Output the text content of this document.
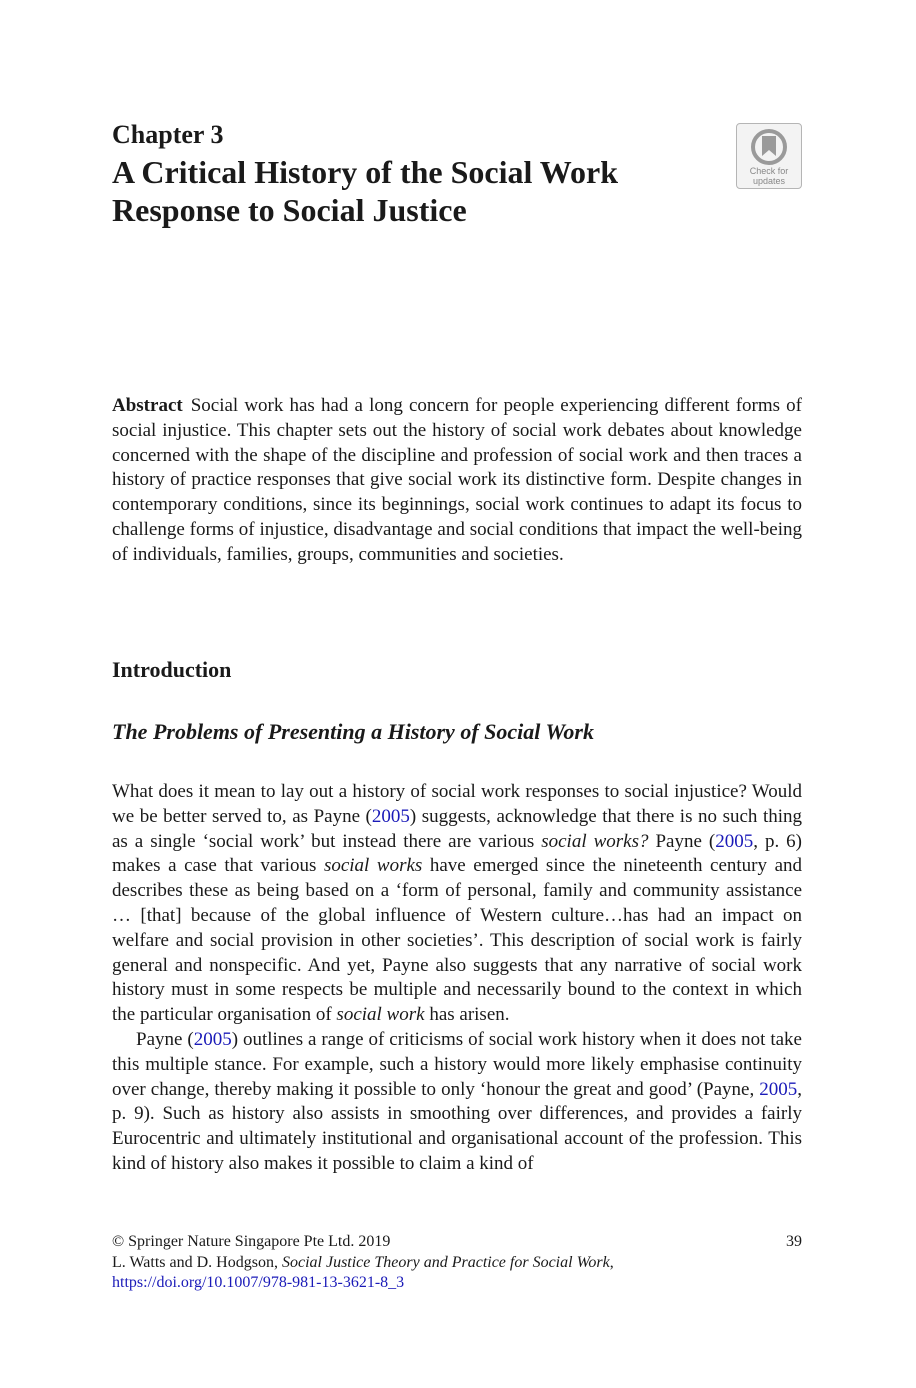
Chapter 3
A Critical History of the Social Work Response to Social Justice
Check for
updates
Abstract Social work has had a long concern for people experiencing different forms of social injustice. This chapter sets out the history of social work debates about knowledge concerned with the shape of the discipline and profession of social work and then traces a history of practice responses that give social work its distinctive form. Despite changes in contemporary conditions, since its beginnings, social work continues to adapt its focus to challenge forms of injustice, disadvantage and social conditions that impact the well-being of individuals, families, groups, communities and societies.
Introduction
The Problems of Presenting a History of Social Work

What does it mean to lay out a history of social work responses to social injustice? Would we be better served to, as Payne (2005) suggests, acknowledge that there is no such thing as a single ‘social work’ but instead there are various social works? Payne (2005, p. 6) makes a case that various social works have emerged since the nineteenth century and describes these as being based on a ‘form of personal, family and community assistance … [that] because of the global influence of Western culture…has had an impact on welfare and social provision in other societies’. This description of social work is fairly general and nonspecific. And yet, Payne also suggests that any narrative of social work history must in some respects be multiple and necessarily bound to the context in which the particular organisation of social work has arisen.

Payne (2005) outlines a range of criticisms of social work history when it does not take this multiple stance. For example, such a history would more likely emphasise continuity over change, thereby making it possible to only ‘honour the great and good’ (Payne, 2005, p. 9). Such as history also assists in smoothing over differences, and provides a fairly Eurocentric and ultimately institutional and organisational account of the profession. This kind of history also makes it possible to claim a kind of

© Springer Nature Singapore Pte Ltd. 2019	39
L. Watts and D. Hodgson, Social Justice Theory and Practice for Social Work,
https://doi.org/10.1007/978-981-13-3621-8_3
